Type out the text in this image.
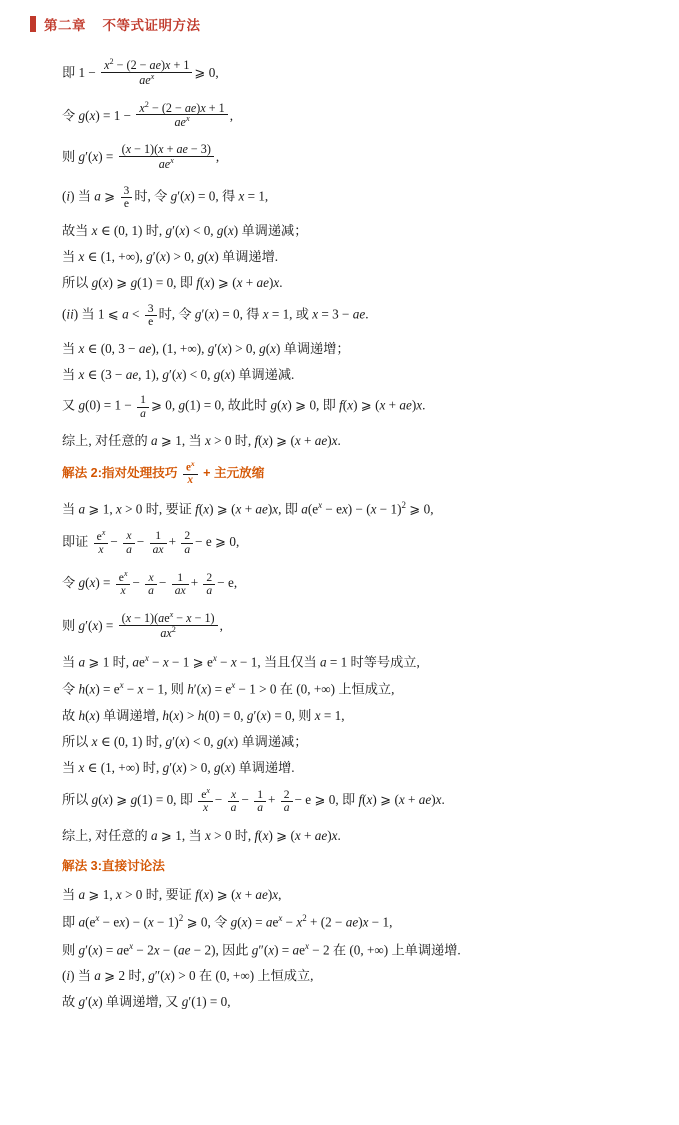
第二章 不等式证明方法
即 $1 - \frac{x^2 - (2 - ae)x + 1}{ae^x}$ ⩾ 0,
令 $g(x) = 1 - \frac{x^2 - (2 - ae)x + 1}{ae^x}$ ,
则 $g'(x) = \frac{(x - 1)(x + ae - 3)}{ae^x}$ ,
(i) 当 a ⩾ $\frac{3}{e}$ 时, 令 g′(x) = 0, 得 x = 1,
故当 x ∈ (0, 1) 时, g′(x) < 0, g(x) 单调递减；
当 x ∈ (1, +∞), g′(x) > 0, g(x) 单调递增.
所以 g(x) ⩾ g(1) = 0, 即 f(x) ⩾ (x + ae)x.
(ii) 当 1 ⩽ $a < \frac{3}{e}$ 时, 令 g′(x) = 0, 得 x = 1, 或 x = 3 − ae.
当 x ∈ (0, 3 − ae), (1, +∞), g′(x) > 0, g(x) 单调递增；
当 x ∈ (3 − ae, 1), g′(x) < 0, g(x) 单调递减.
又 $g(0) = 1 - \frac{1}{a}$ ⩾ 0, g(1) = 0, 故此时 g(x) ⩾ 0, 即 f(x) ⩾ (x + ae)x.
综上, 对任意的 a ⩾ 1, 当 x > 0 时, f(x) ⩾ (x + ae)x.
解法 2:指对处理技巧 $\frac{e^x}{x}$ + 主元放缩
当 a ⩾ 1, x > 0 时, 要证 f(x) ⩾ (x + ae)x, 即 $a(e^x - ex) - (x - 1)^2$ ⩾ 0,
即证 $\frac{e^x}{x} - \frac{x}{a} - \frac{1}{ax} + \frac{2}{a} - e$ ⩾ 0,
令 $g(x) = \frac{e^x}{x} - \frac{x}{a} - \frac{1}{ax} + \frac{2}{a} - e$,
则 $g'(x) = \frac{(x - 1)(ae^x - x - 1)}{ax^2}$ ,
当 a ⩾ 1 时, $ae^x - x - 1$ ⩾ $e^x - x - 1$, 当且仅当 a = 1 时等号成立,
令 $h(x) = e^x - x - 1$, 则 $h'(x) = e^x - 1 > 0$ 在 (0, +∞) 上恒成立,
故 h(x) 单调递增, h(x) > h(0) = 0, g′(x) = 0, 则 x = 1,
所以 x ∈ (0, 1) 时, g′(x) < 0, g(x) 单调递减；
当 x ∈ (1, +∞) 时, g′(x) > 0, g(x) 单调递增.
所以 g(x) ⩾ g(1) = 0, 即 $\frac{e^x}{x} - \frac{x}{a} - \frac{1}{a} + \frac{2}{a} - e$ ⩾ 0, 即 f(x) ⩾ (x + ae)x.
综上, 对任意的 a ⩾ 1, 当 x > 0 时, f(x) ⩾ (x + ae)x.
解法 3:直接讨论法
当 a ⩾ 1, x > 0 时, 要证 f(x) ⩾ (x + ae)x,
即 $a(e^x - ex) - (x - 1)^2$ ⩾ 0, 令 $g(x) = ae^x - x^2 + (2 - ae)x - 1$,
则 $g'(x) = ae^x - 2x - (ae - 2)$, 因此 $g''(x) = ae^x - 2$ 在 (0, +∞) 上单调递增.
(i) 当 a ⩾ 2 时, g″(x) > 0 在 (0, +∞) 上恒成立,
故 g′(x) 单调递增, 又 g′(1) = 0,
